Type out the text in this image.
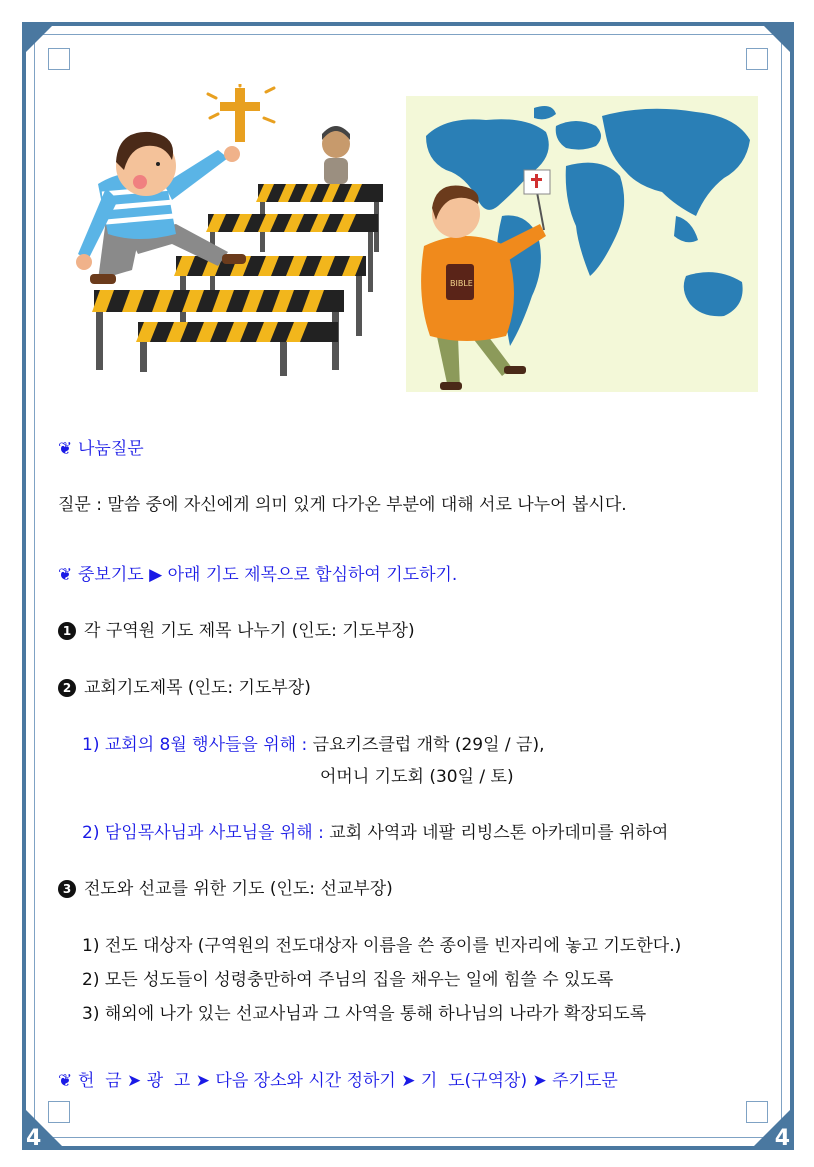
4	4
BIBLE
❦ 나눔질문
질문 : 말씀 중에 자신에게 의미 있게 다가온 부분에 대해 서로 나누어 봅시다.
❦ 중보기도 ▶ 아래 기도 제목으로 합심하여 기도하기.
1 각 구역원 기도 제목 나누기 (인도: 기도부장)
2 교회기도제목 (인도: 기도부장)
1) 교회의 8월 행사들을 위해 : 금요키즈클럽 개학 (29일 / 금),
어머니 기도회 (30일 / 토)
2) 담임목사님과 사모님을 위해 : 교회 사역과 네팔 리빙스톤 아카데미를 위하여
3 전도와 선교를 위한 기도 (인도: 선교부장)
1) 전도 대상자 (구역원의 전도대상자 이름을 쓴 종이를 빈자리에 놓고 기도한다.)
2) 모든 성도들이 성령충만하여 주님의 집을 채우는 일에 힘쓸 수 있도록
3) 해외에 나가 있는 선교사님과 그 사역을 통해 하나님의 나라가 확장되도록
❦ 헌  금 ➤ 광  고 ➤ 다음 장소와 시간 정하기 ➤ 기  도(구역장) ➤ 주기도문
